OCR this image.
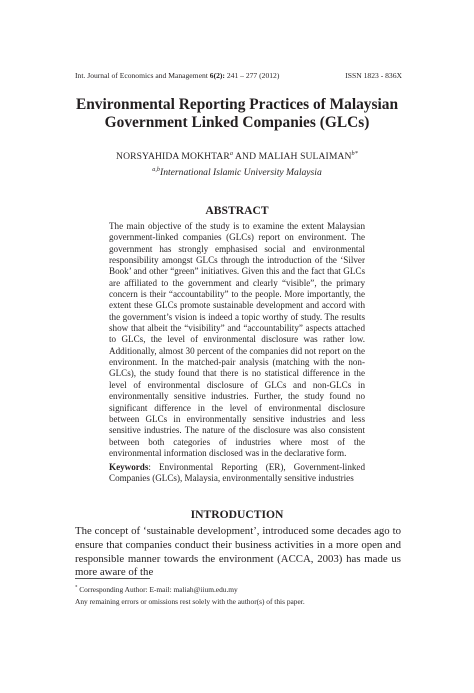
Int. Journal of Economics and Management 6(2): 241 – 277 (2012)	ISSN 1823 - 836X
Environmental Reporting Practices of Malaysian
Government Linked Companies (GLCs)
NORSYAHIDA MOKHTAR$^a$ AND MALIAH $SULAIMAN^{b*}$
$^{a,b}$International Islamic University Malaysia
ABSTRACT

The main objective of the study is to examine the extent Malaysian government-linked companies (GLCs) report on environment. The government has strongly emphasised social and environmental responsibility amongst GLCs through the introduction of the ‘Silver Book’ and other “green” initiatives. Given this and the fact that GLCs are affiliated to the government and clearly “visible”, the primary concern is their “accountability” to the people. More importantly, the extent these GLCs promote sustainable development and accord with the government’s vision is indeed a topic worthy of study. The results show that albeit the “visibility” and “accountability” aspects attached to GLCs, the level of environmental disclosure was rather low. Additionally, almost 30 percent of the companies did not report on the environment. In the matched-pair analysis (matching with the non-GLCs), the study found that there is no statistical difference in the level of environmental disclosure of GLCs and non-GLCs in environmentally sensitive industries. Further, the study found no significant difference in the level of environmental disclosure between GLCs in environmentally sensitive industries and less sensitive industries. The nature of the disclosure was also consistent between both categories of industries where most of the environmental information disclosed was in the declarative form.

Keywords: Environmental Reporting (ER), Government-linked Companies (GLCs), Malaysia, environmentally sensitive industries

INTRODUCTION

The concept of ‘sustainable development’, introduced some decades ago to ensure that companies conduct their business activities in a more open and responsible manner towards the environment (ACCA, 2003) has made us more aware of the

* Corresponding Author: E-mail: maliah@iium.edu.my
Any remaining errors or omissions rest solely with the author(s) of this paper.
